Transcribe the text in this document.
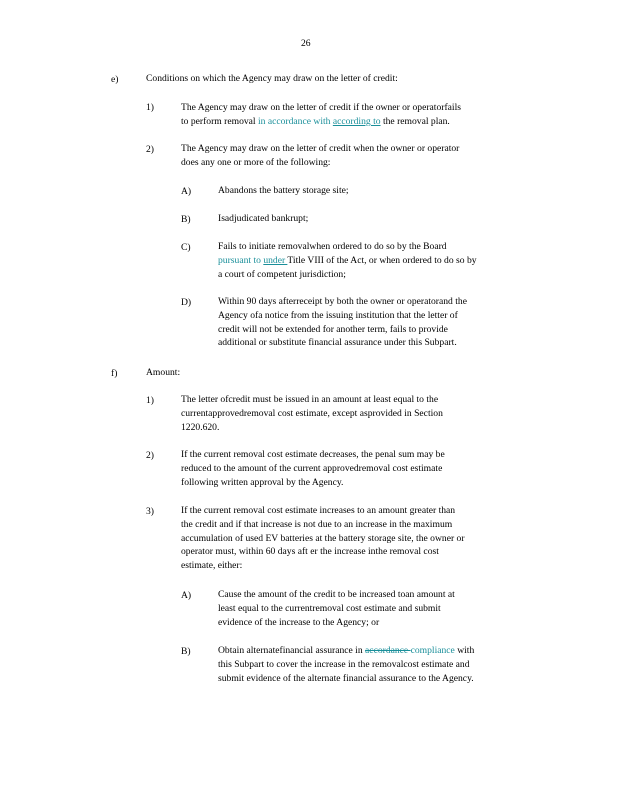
26
e)	Conditions on which the Agency may draw on the letter of credit:
1)	The Agency may draw on the letter of credit if the owner or operatorfails
to perform removal in accordance with according to the removal plan.
2)	The Agency may draw on the letter of credit when the owner or operator
does any one or more of the following:
A)	Abandons the battery storage site;
B)	Isadjudicated bankrupt;
C)	Fails to initiate removalwhen ordered to do so by the Board
pursuant to under Title VIII of the Act, or when ordered to do so by
a court of competent jurisdiction;
D)	Within 90 days afterreceipt by both the owner or operatorand the
Agency ofa notice from the issuing institution that the letter of
credit will not be extended for another term, fails to provide
additional or substitute financial assurance under this Subpart.
f)	Amount:
1)	The letter ofcredit must be issued in an amount at least equal to the
currentapprovedremoval cost estimate, except asprovided in Section
1220.620.
2)	If the current removal cost estimate decreases, the penal sum may be
reduced to the amount of the current approvedremoval cost estimate
following written approval by the Agency.
3)	If the current removal cost estimate increases to an amount greater than
the credit and if that increase is not due to an increase in the maximum
accumulation of used EV batteries at the battery storage site, the owner or
operator must, within 60 days aft er the increase inthe removal cost
estimate, either:
A)	Cause the amount of the credit to be increased toan amount at
least equal to the currentremoval cost estimate and submit
evidence of the increase to the Agency; or
B)	Obtain alternatefinancial assurance in accordance compliance with
this Subpart to cover the increase in the removalcost estimate and
submit evidence of the alternate financial assurance to the Agency.
